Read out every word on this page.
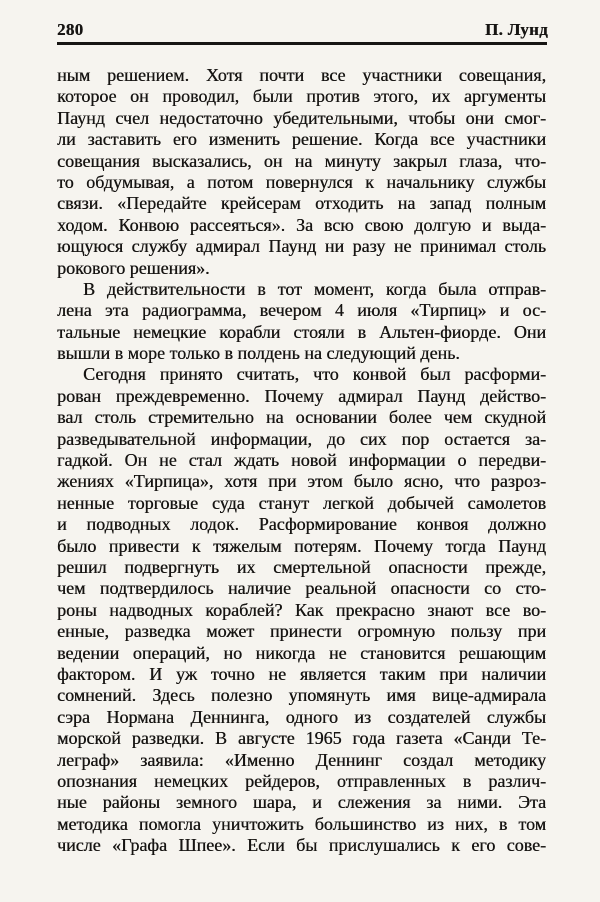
280	П. Лунд
ным решением. Хотя почти все участники совещания,
которое он проводил, были против этого, их аргументы
Паунд счел недостаточно убедительными, чтобы они смог-
ли заставить его изменить решение. Когда все участники
совещания высказались, он на минуту закрыл глаза, что-
то обдумывая, а потом повернулся к начальнику службы
связи. «Передайте крейсерам отходить на запад полным
ходом. Конвою рассеяться». За всю свою долгую и выда-
ющуюся службу адмирал Паунд ни разу не принимал столь
рокового решения».
В действительности в тот момент, когда была отправ-
лена эта радиограмма, вечером 4 июля «Тирпиц» и ос-
тальные немецкие корабли стояли в Альтен-фиорде. Они
вышли в море только в полдень на следующий день.
Сегодня принято считать, что конвой был расформи-
рован преждевременно. Почему адмирал Паунд действо-
вал столь стремительно на основании более чем скудной
разведывательной информации, до сих пор остается за-
гадкой. Он не стал ждать новой информации о передви-
жениях «Тирпица», хотя при этом было ясно, что разроз-
ненные торговые суда станут легкой добычей самолетов
и подводных лодок. Расформирование конвоя должно
было привести к тяжелым потерям. Почему тогда Паунд
решил подвергнуть их смертельной опасности прежде,
чем подтвердилось наличие реальной опасности со сто-
роны надводных кораблей? Как прекрасно знают все во-
енные, разведка может принести огромную пользу при
ведении операций, но никогда не становится решающим
фактором. И уж точно не является таким при наличии
сомнений. Здесь полезно упомянуть имя вице-адмирала
сэра Нормана Деннинга, одного из создателей службы
морской разведки. В августе 1965 года газета «Санди Те-
леграф» заявила: «Именно Деннинг создал методику
опознания немецких рейдеров, отправленных в различ-
ные районы земного шара, и слежения за ними. Эта
методика помогла уничтожить большинство из них, в том
числе «Графа Шпее». Если бы прислушались к его сове-
